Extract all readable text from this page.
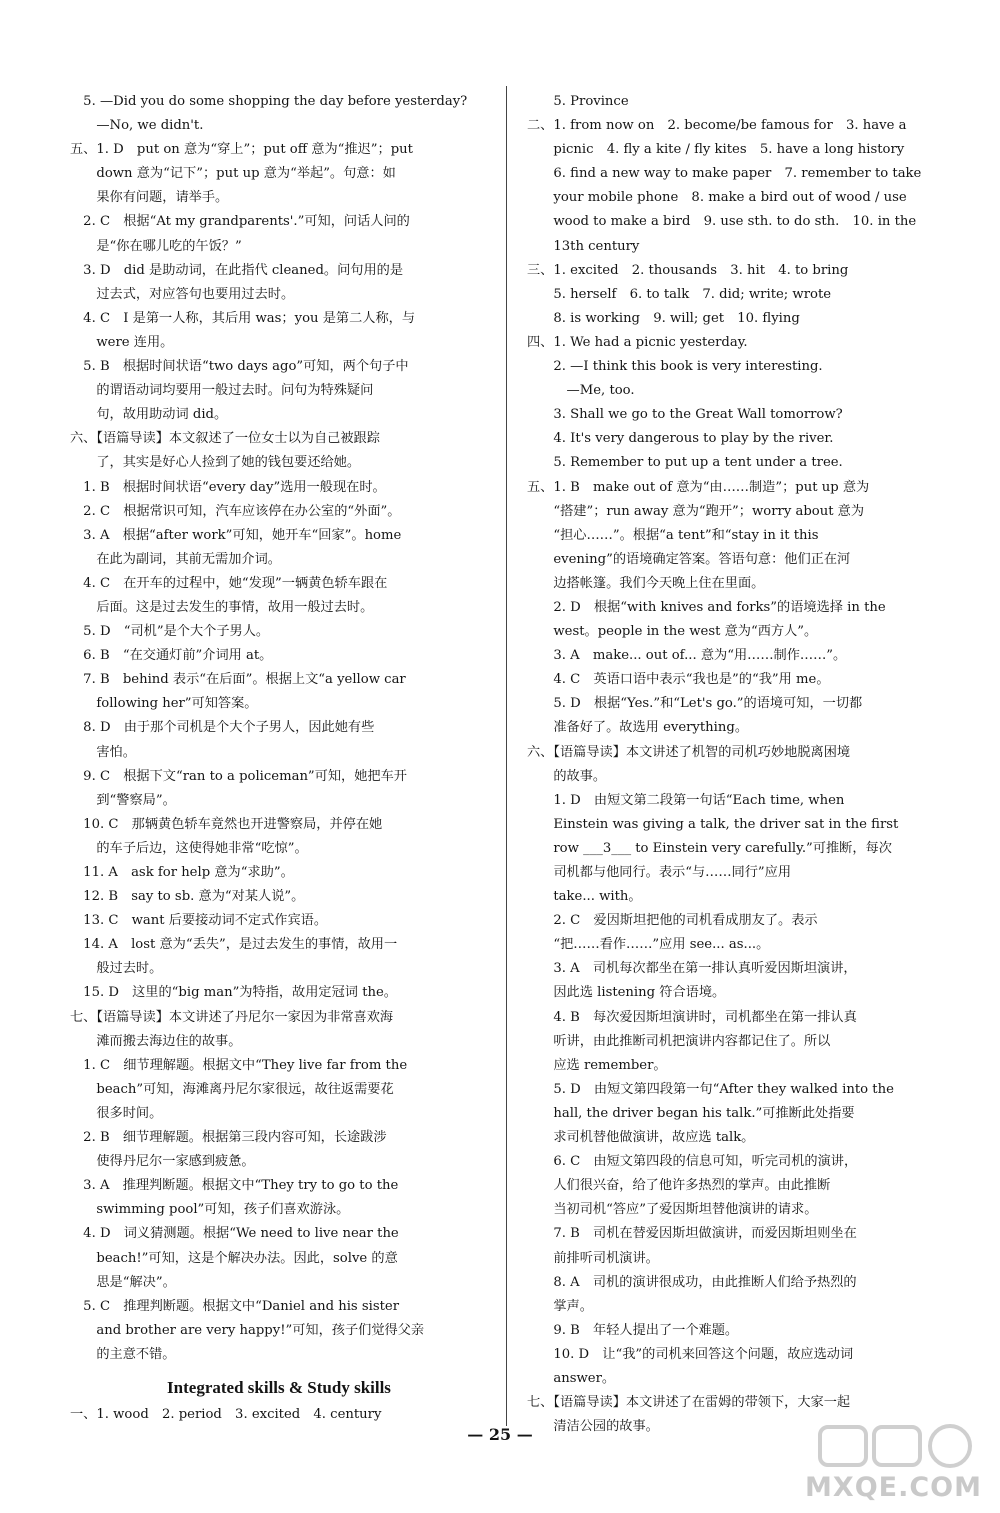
　5. —Did you do some shopping the day before yesterday?
　　—No, we didn't.
五、1. D　put on 意为“穿上”；put off 意为“推迟”；put
　　down 意为“记下”；put up 意为“举起”。句意：如
　　果你有问题，请举手。
　2. C　根据“At my grandparents'.”可知，问话人问的
　　是“你在哪儿吃的午饭？”
　3. D　did 是助动词，在此指代 cleaned。问句用的是
　　过去式，对应答句也要用过去时。
　4. C　I 是第一人称，其后用 was；you 是第二人称，与
　　were 连用。
　5. B　根据时间状语“two days ago”可知，两个句子中
　　的谓语动词均要用一般过去时。问句为特殊疑问
　　句，故用助动词 did。
六、【语篇导读】本文叙述了一位女士以为自己被跟踪
　　了，其实是好心人捡到了她的钱包要还给她。
　1. B　根据时间状语“every day”选用一般现在时。
　2. C　根据常识可知，汽车应该停在办公室的“外面”。
　3. A　根据“after work”可知，她开车“回家”。home
　　在此为副词，其前无需加介词。
　4. C　在开车的过程中，她“发现”一辆黄色轿车跟在
　　后面。这是过去发生的事情，故用一般过去时。
　5. D　“司机”是个大个子男人。
　6. B　“在交通灯前”介词用 at。
　7. B　behind 表示“在后面”。根据上文“a yellow car
　　following her”可知答案。
　8. D　由于那个司机是个大个子男人，因此她有些
　　害怕。
　9. C　根据下文“ran to a policeman”可知，她把车开
　　到“警察局”。
　10. C　那辆黄色轿车竟然也开进警察局，并停在她
　　的车子后边，这使得她非常“吃惊”。
　11. A　ask for help 意为“求助”。
　12. B　say to sb. 意为“对某人说”。
　13. C　want 后要接动词不定式作宾语。
　14. A　lost 意为“丢失”，是过去发生的事情，故用一
　　般过去时。
　15. D　这里的“big man”为特指，故用定冠词 the。
七、【语篇导读】本文讲述了丹尼尔一家因为非常喜欢海
　　滩而搬去海边住的故事。
　1. C　细节理解题。根据文中“They live far from the
　　beach”可知，海滩离丹尼尔家很远，故往返需要花
　　很多时间。
　2. B　细节理解题。根据第三段内容可知，长途跋涉
　　使得丹尼尔一家感到疲惫。
　3. A　推理判断题。根据文中“They try to go to the
　　swimming pool”可知，孩子们喜欢游泳。
　4. D　词义猜测题。根据“We need to live near the
　　beach!”可知，这是个解决办法。因此，solve 的意
　　思是“解决”。
　5. C　推理判断题。根据文中“Daniel and his sister
　　and brother are very happy!”可知，孩子们觉得父亲
　　的主意不错。
Integrated skills & Study skills
一、1. wood　2. period　3. excited　4. century
　　5. Province
二、1. from now on　2. become/be famous for　3. have a
　　picnic　4. fly a kite / fly kites　5. have a long history
　　6. find a new way to make paper　7. remember to take
　　your mobile phone　8. make a bird out of wood / use
　　wood to make a bird　9. use sth. to do sth.　10. in the
　　13th century
三、1. excited　2. thousands　3. hit　4. to bring
　　5. herself　6. to talk　7. did; write; wrote
　　8. is working　9. will; get　10. flying
四、1. We had a picnic yesterday.
　　2. —I think this book is very interesting.
　　　—Me, too.
　　3. Shall we go to the Great Wall tomorrow?
　　4. It's very dangerous to play by the river.
　　5. Remember to put up a tent under a tree.
五、1. B　make out of 意为“由……制造”；put up 意为
　　“搭建”；run away 意为“跑开”；worry about 意为
　　“担心……”。根据“a tent”和“stay in it this
　　evening”的语境确定答案。答语句意：他们正在河
　　边搭帐篷。我们今天晚上住在里面。
　　2. D　根据“with knives and forks”的语境选择 in the
　　west。people in the west 意为“西方人”。
　　3. A　make... out of... 意为“用……制作……”。
　　4. C　英语口语中表示“我也是”的“我”用 me。
　　5. D　根据“Yes.”和“Let's go.”的语境可知，一切都
　　准备好了。故选用 everything。
六、【语篇导读】本文讲述了机智的司机巧妙地脱离困境
　　的故事。
　　1. D　由短文第二段第一句话“Each time, when
　　Einstein was giving a talk, the driver sat in the first
　　row ___3___ to Einstein very carefully.”可推断，每次
　　司机都与他同行。表示“与……同行”应用
　　take... with。
　　2. C　爱因斯坦把他的司机看成朋友了。表示
　　“把……看作……”应用 see... as...。
　　3. A　司机每次都坐在第一排认真听爱因斯坦演讲，
　　因此选 listening 符合语境。
　　4. B　每次爱因斯坦演讲时，司机都坐在第一排认真
　　听讲，由此推断司机把演讲内容都记住了。所以
　　应选 remember。
　　5. D　由短文第四段第一句“After they walked into the
　　hall, the driver began his talk.”可推断此处指要
　　求司机替他做演讲，故应选 talk。
　　6. C　由短文第四段的信息可知，听完司机的演讲，
　　人们很兴奋，给了他许多热烈的掌声。由此推断
　　当初司机“答应”了爱因斯坦替他演讲的请求。
　　7. B　司机在替爱因斯坦做演讲，而爱因斯坦则坐在
　　前排听司机演讲。
　　8. A　司机的演讲很成功，由此推断人们给予热烈的
　　掌声。
　　9. B　年轻人提出了一个难题。
　　10. D　让“我”的司机来回答这个问题，故应选动词
　　answer。
七、【语篇导读】本文讲述了在雷姆的带领下，大家一起
　　清洁公园的故事。
— 25 —
MXQE.COM
